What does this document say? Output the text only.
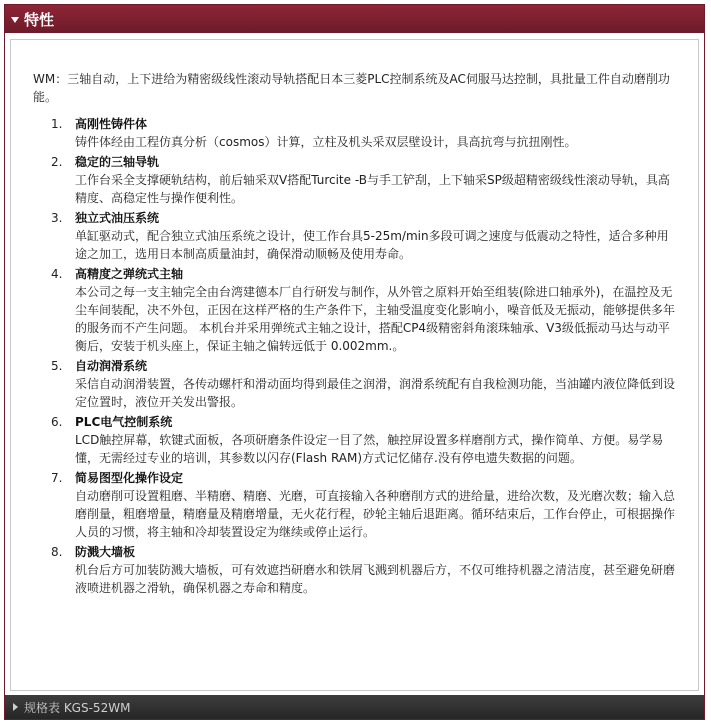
特性
WM：三轴自动，上下进给为精密级线性滚动导轨搭配日本三菱PLC控制系统及AC伺服马达控制，具批量工件自动磨削功能。
1.	高刚性铸件体
铸件体经由工程仿真分析（cosmos）计算，立柱及机头采双层壁设计，具高抗弯与抗扭刚性。
2.	稳定的三轴导轨
工作台采全支撑硬轨结构，前后轴采双V搭配Turcite -B与手工铲刮，上下轴采SP级超精密级线性滚动导轨，具高精度、高稳定性与操作便利性。
3.	独立式油压系统
单缸驱动式，配合独立式油压系统之设计，使工作台具5-25m/min多段可调之速度与低震动之特性，适合多种用途之加工，选用日本制高质量油封，确保滑动顺畅及使用寿命。
4.	高精度之弹统式主轴
本公司之每一支主轴完全由台湾建德本厂自行研发与制作，从外管之原料开始至组装(除进口轴承外)，在温控及无尘车间装配，决不外包，正因在这样严格的生产条件下，主轴受温度变化影响小，噪音低及无振动，能够提供多年的服务而不产生问题。 本机台并采用弹统式主轴之设计，搭配CP4级精密斜角滚珠轴承、V3级低振动马达与动平衡后，安装于机头座上，保证主轴之偏转远低于 0.002mm.。
5.	自动润滑系统
采信自动润滑装置，各传动螺杆和滑动面均得到最佳之润滑，润滑系统配有自我检测功能，当油罐内液位降低到设定位置时，液位开关发出警报。
6.	PLC电气控制系统
LCD触控屏幕，软键式面板，各项研磨条件设定一目了然，触控屏设置多样磨削方式，操作简单、方便。易学易懂，无需经过专业的培训，其参数以闪存(Flash RAM)方式记忆储存.没有停电遗失数据的问题。
7.	简易图型化操作设定
自动磨削可设置粗磨、半精磨、精磨、光磨，可直接输入各种磨削方式的进给量，进给次数，及光磨次数；输入总磨削量，粗磨增量，精磨量及精磨增量，无火花行程，砂轮主轴后退距离。循环结束后，工作台停止，可根据操作人员的习惯，将主轴和冷却装置设定为继续或停止运行。
8.	防溅大墙板
机台后方可加装防溅大墙板，可有效遮挡研磨水和铁屑飞溅到机器后方，不仅可维持机器之清洁度，甚至避免研磨液喷进机器之滑轨，确保机器之寿命和精度。
规格表 KGS-52WM
